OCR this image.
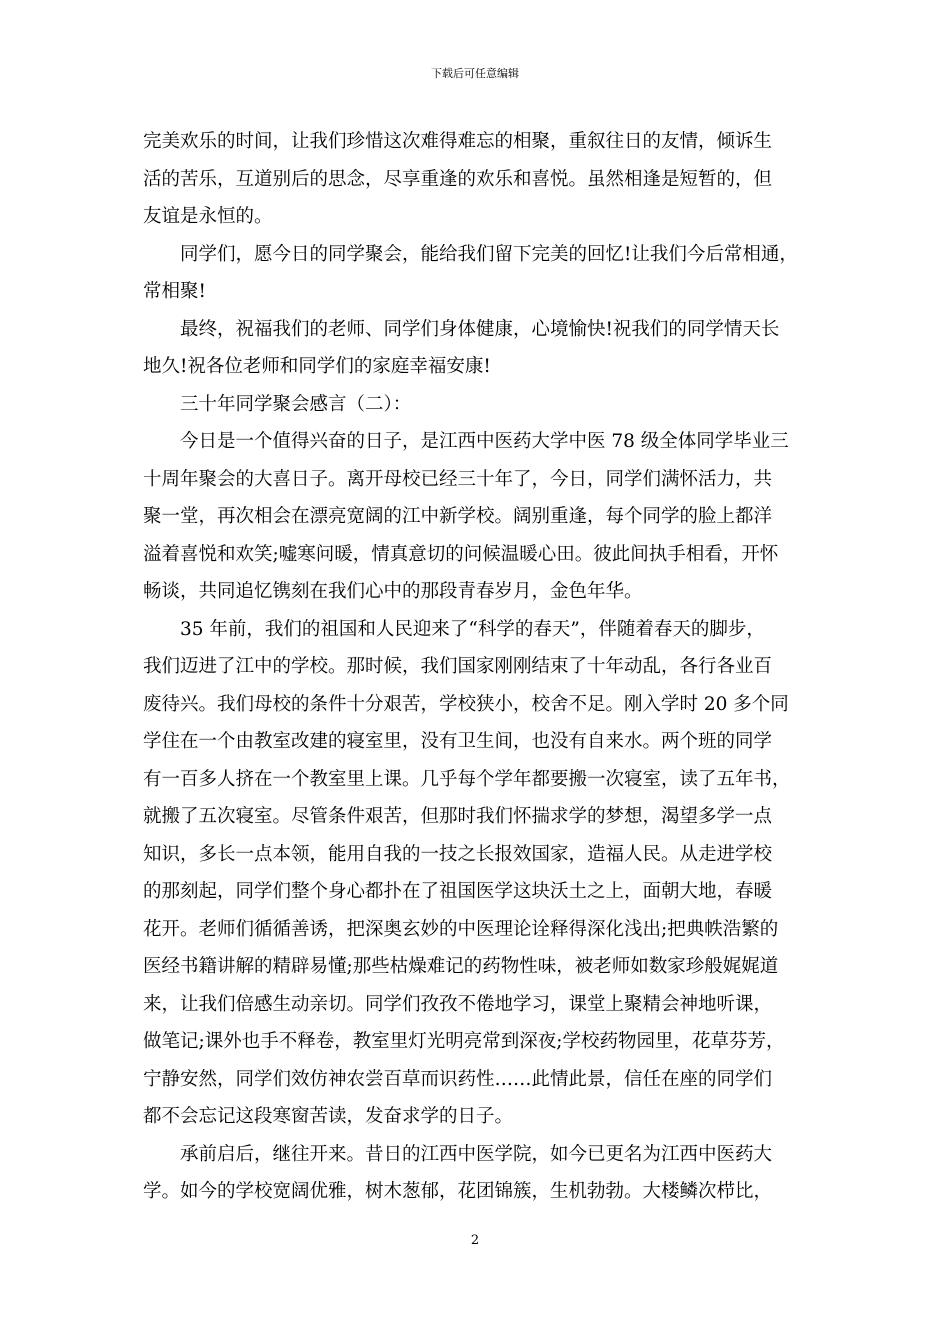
下载后可任意编辑
完美欢乐的时间，让我们珍惜这次难得难忘的相聚，重叙往日的友情，倾诉生
活的苦乐，互道别后的思念，尽享重逢的欢乐和喜悦。虽然相逢是短暂的，但
友谊是永恒的。
同学们，愿今日的同学聚会，能给我们留下完美的回忆!让我们今后常相通，
常相聚!
最终，祝福我们的老师、同学们身体健康，心境愉快!祝我们的同学情天长
地久!祝各位老师和同学们的家庭幸福安康!
三十年同学聚会感言（二）：
今日是一个值得兴奋的日子，是江西中医药大学中医 78 级全体同学毕业三
十周年聚会的大喜日子。离开母校已经三十年了，今日，同学们满怀活力，共
聚一堂，再次相会在漂亮宽阔的江中新学校。阔别重逢，每个同学的脸上都洋
溢着喜悦和欢笑;嘘寒问暖，情真意切的问候温暖心田。彼此间执手相看，开怀
畅谈，共同追忆镌刻在我们心中的那段青春岁月，金色年华。
35 年前，我们的祖国和人民迎来了“科学的春天”，伴随着春天的脚步，
我们迈进了江中的学校。那时候，我们国家刚刚结束了十年动乱，各行各业百
废待兴。我们母校的条件十分艰苦，学校狭小，校舍不足。刚入学时 20 多个同
学住在一个由教室改建的寝室里，没有卫生间，也没有自来水。两个班的同学
有一百多人挤在一个教室里上课。几乎每个学年都要搬一次寝室，读了五年书，
就搬了五次寝室。尽管条件艰苦，但那时我们怀揣求学的梦想，渴望多学一点
知识，多长一点本领，能用自我的一技之长报效国家，造福人民。从走进学校
的那刻起，同学们整个身心都扑在了祖国医学这块沃土之上，面朝大地，春暖
花开。老师们循循善诱，把深奥玄妙的中医理论诠释得深化浅出;把典帙浩繁的
医经书籍讲解的精辟易懂;那些枯燥难记的药物性味，被老师如数家珍般娓娓道
来，让我们倍感生动亲切。同学们孜孜不倦地学习，课堂上聚精会神地听课，
做笔记;课外也手不释卷，教室里灯光明亮常到深夜;学校药物园里，花草芬芳，
宁静安然，同学们效仿神农尝百草而识药性……此情此景，信任在座的同学们
都不会忘记这段寒窗苦读，发奋求学的日子。
承前启后，继往开来。昔日的江西中医学院，如今已更名为江西中医药大
学。如今的学校宽阔优雅，树木葱郁，花团锦簇，生机勃勃。大楼鳞次栉比，
2
